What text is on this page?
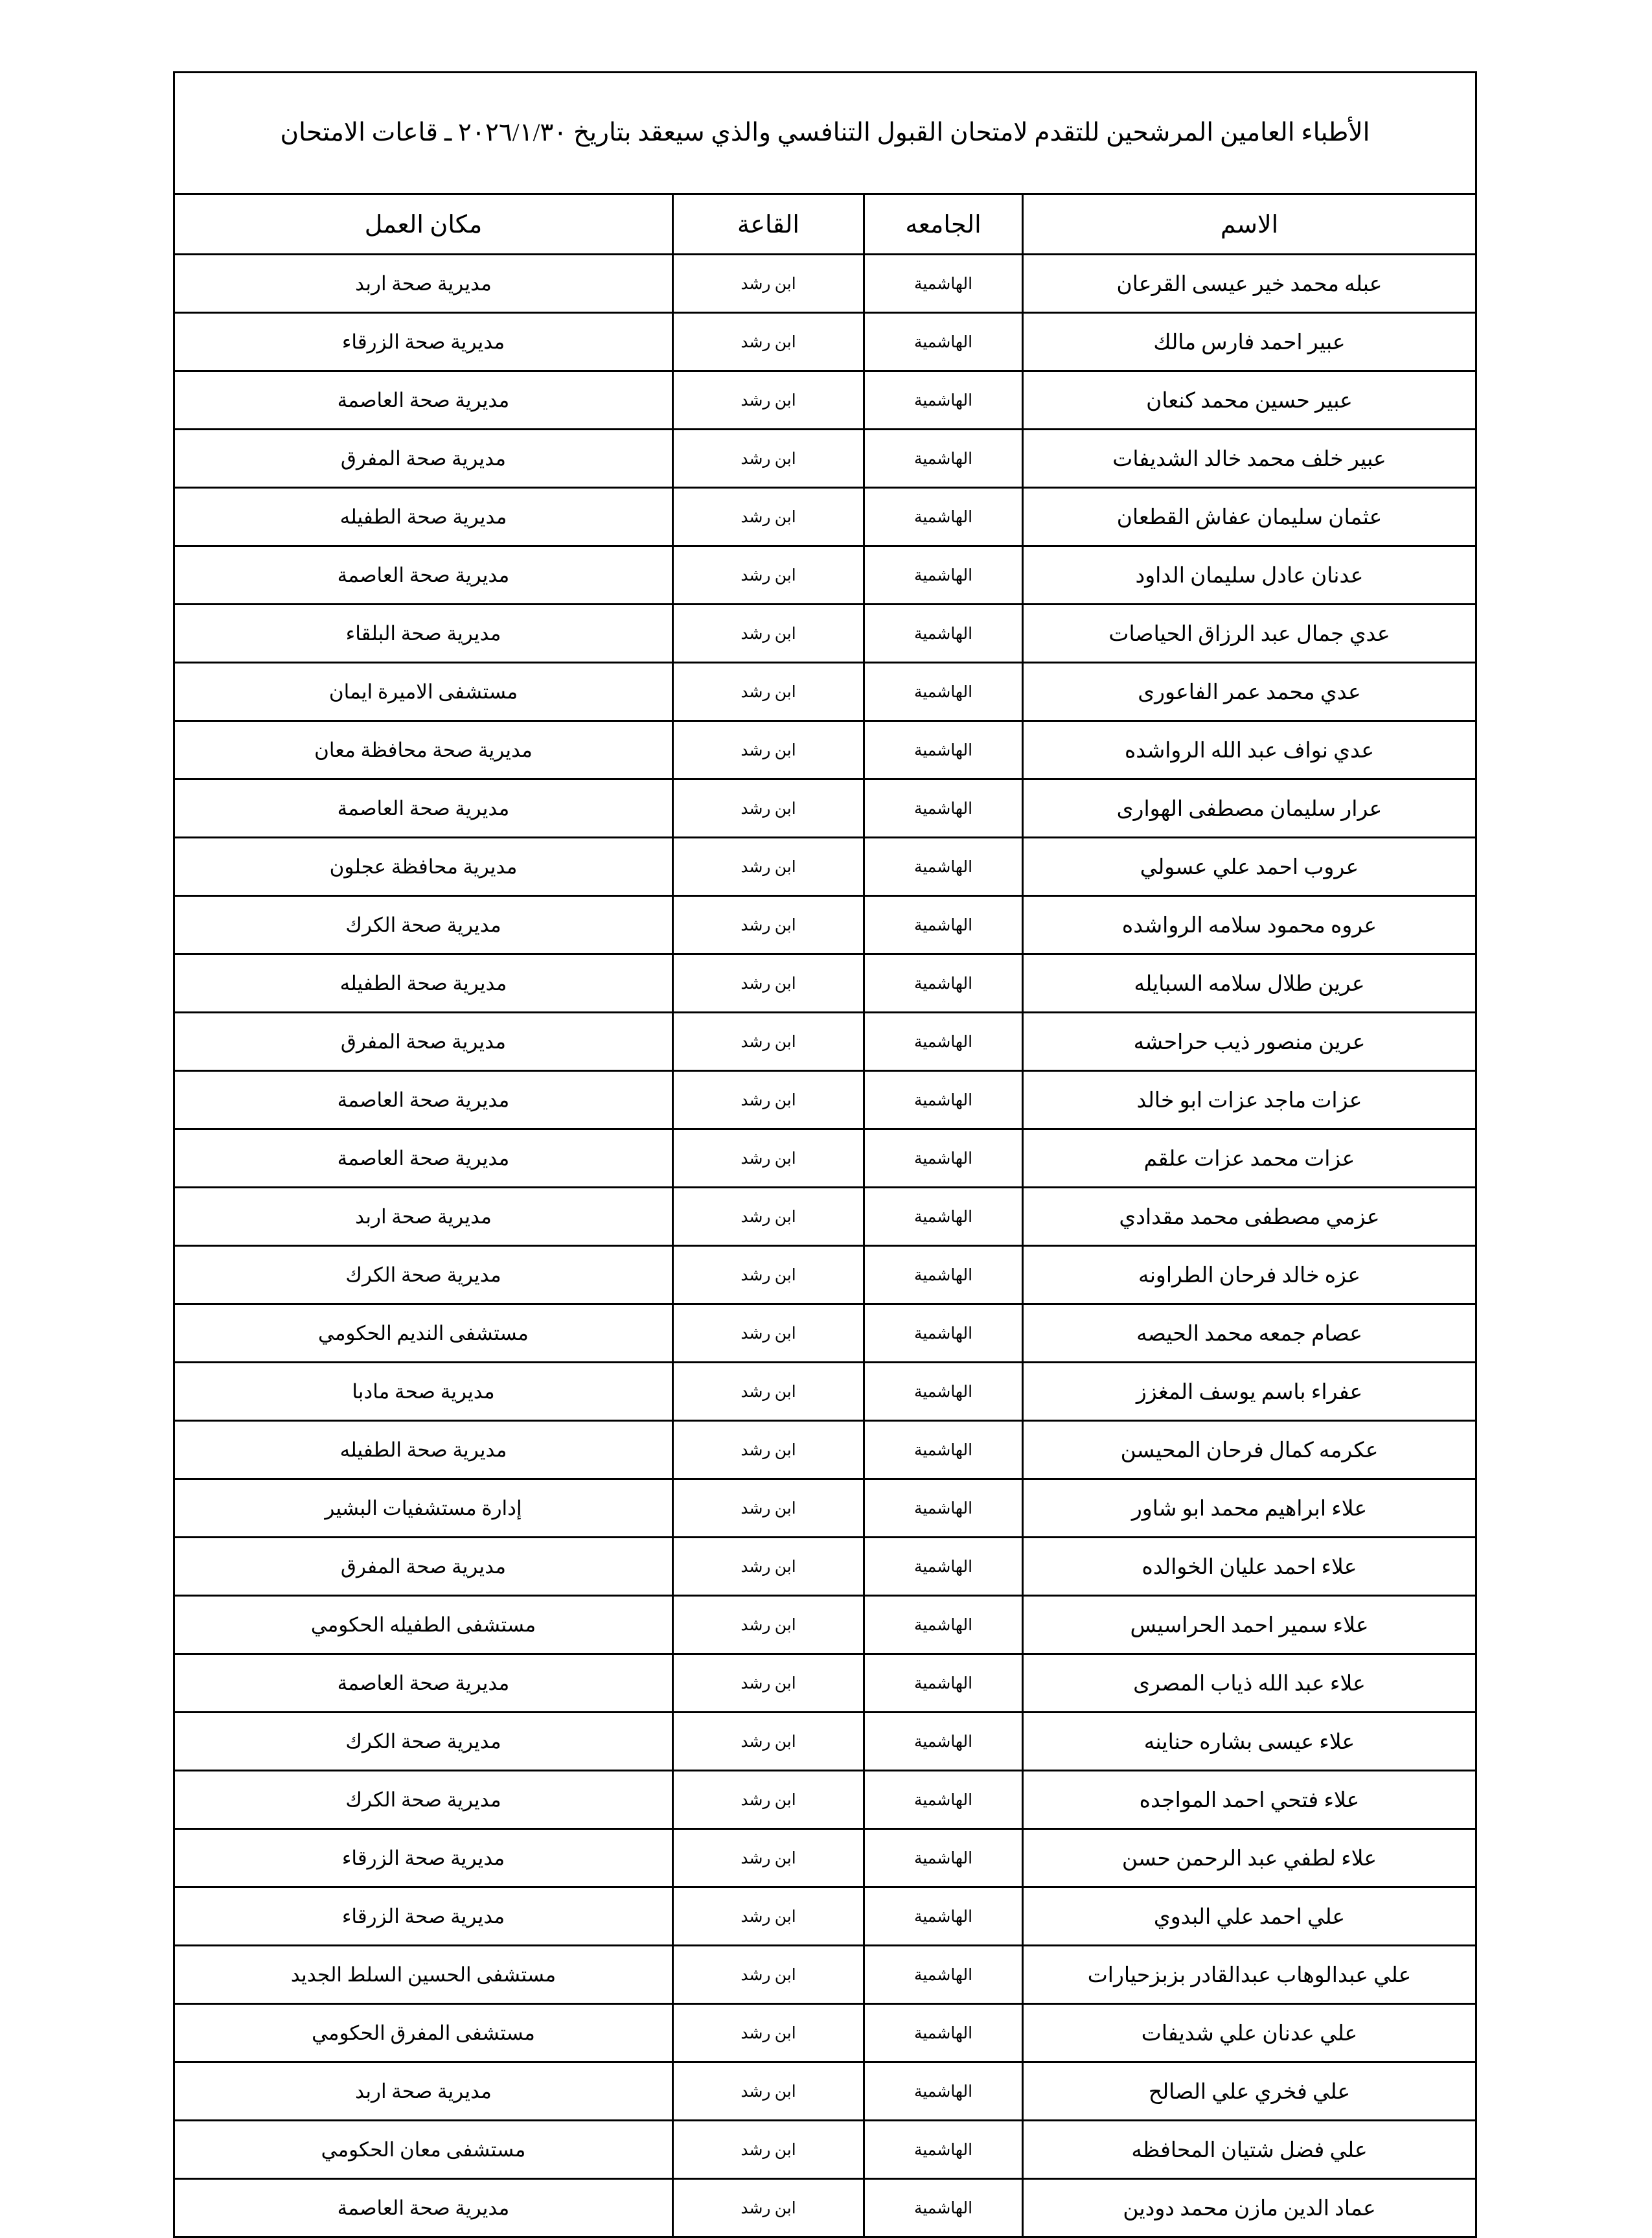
الأطباء العامين المرشحين للتقدم لامتحان القبول التنافسي والذي سيعقد بتاريخ ٢٠٢٦/١/٣٠ ـ قاعات الامتحان			
الاسم	الجامعه	القاعة	مكان العمل
عبله محمد خير عيسى القرعان	الهاشمية	ابن رشد	مديرية صحة اربد
عبير احمد فارس مالك	الهاشمية	ابن رشد	مديرية صحة الزرقاء
عبير حسين محمد كنعان	الهاشمية	ابن رشد	مديرية صحة العاصمة
عبير خلف محمد خالد الشديفات	الهاشمية	ابن رشد	مديرية صحة المفرق
عثمان سليمان عفاش القطعان	الهاشمية	ابن رشد	مديرية صحة الطفيله
عدنان عادل سليمان الداود	الهاشمية	ابن رشد	مديرية صحة العاصمة
عدي جمال عبد الرزاق الحياصات	الهاشمية	ابن رشد	مديرية صحة البلقاء
عدي محمد عمر الفاعورى	الهاشمية	ابن رشد	مستشفى الاميرة ايمان
عدي نواف عبد الله الرواشده	الهاشمية	ابن رشد	مديرية صحة محافظة معان
عرار سليمان مصطفى الهوارى	الهاشمية	ابن رشد	مديرية صحة العاصمة
عروب احمد علي عسولي	الهاشمية	ابن رشد	مديرية محافظة عجلون
عروه محمود سلامه الرواشده	الهاشمية	ابن رشد	مديرية صحة الكرك
عرين طلال سلامه السبايله	الهاشمية	ابن رشد	مديرية صحة الطفيله
عرين منصور ذيب حراحشه	الهاشمية	ابن رشد	مديرية صحة المفرق
عزات ماجد عزات ابو خالد	الهاشمية	ابن رشد	مديرية صحة العاصمة
عزات محمد عزات علقم	الهاشمية	ابن رشد	مديرية صحة العاصمة
عزمي مصطفى محمد مقدادي	الهاشمية	ابن رشد	مديرية صحة اربد
عزه خالد فرحان الطراونه	الهاشمية	ابن رشد	مديرية صحة الكرك
عصام جمعه محمد الحيصه	الهاشمية	ابن رشد	مستشفى النديم الحكومي
عفراء باسم يوسف المغزز	الهاشمية	ابن رشد	مديرية صحة مادبا
عكرمه كمال فرحان المحيسن	الهاشمية	ابن رشد	مديرية صحة الطفيله
علاء ابراهيم محمد ابو شاور	الهاشمية	ابن رشد	إدارة مستشفيات البشير
علاء احمد عليان الخوالده	الهاشمية	ابن رشد	مديرية صحة المفرق
علاء سمير احمد الحراسيس	الهاشمية	ابن رشد	مستشفى الطفيله الحكومي
علاء عبد الله ذياب المصرى	الهاشمية	ابن رشد	مديرية صحة العاصمة
علاء عيسى بشاره حناينه	الهاشمية	ابن رشد	مديرية صحة الكرك
علاء فتحي احمد المواجده	الهاشمية	ابن رشد	مديرية صحة الكرك
علاء لطفي عبد الرحمن حسن	الهاشمية	ابن رشد	مديرية صحة الزرقاء
علي احمد علي البدوي	الهاشمية	ابن رشد	مديرية صحة الزرقاء
علي عبدالوهاب عبدالقادر بزبزحيارات	الهاشمية	ابن رشد	مستشفى الحسين السلط الجديد
علي عدنان علي شديفات	الهاشمية	ابن رشد	مستشفى المفرق الحكومي
علي فخري علي الصالح	الهاشمية	ابن رشد	مديرية صحة اربد
علي فضل شتيان المحافظه	الهاشمية	ابن رشد	مستشفى معان الحكومي
عماد الدين مازن محمد دودين	الهاشمية	ابن رشد	مديرية صحة العاصمة
